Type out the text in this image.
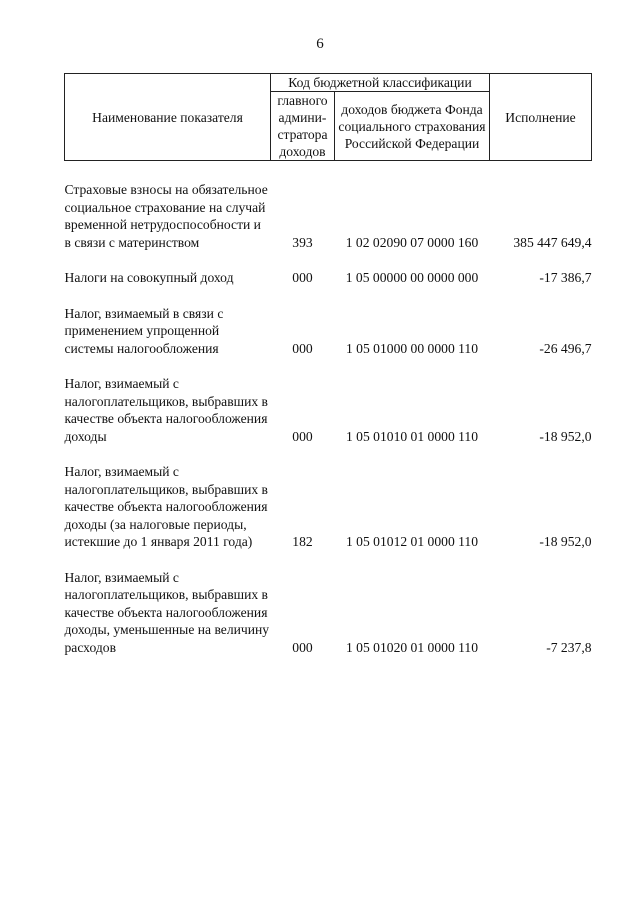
6
Наименование показателя	Код бюджетной классификации		Исполнение
	главного админи-стратора доходов	доходов бюджета Фонда социального страхования Российской Федерации	

Страховые взносы на обязательное социальное страхование на случай временной нетрудоспособности и в связи с материнством	393	1 02 02090 07 0000 160	385 447 649,4

Налоги на совокупный доход	000	1 05 00000 00 0000 000	-17 386,7

Налог, взимаемый в связи с применением упрощенной системы налогообложения	000	1 05 01000 00 0000 110	-26 496,7

Налог, взимаемый с налогоплательщиков, выбравших в качестве объекта налогообложения доходы	000	1 05 01010 01 0000 110	-18 952,0

Налог, взимаемый с налогоплательщиков, выбравших в качестве объекта налогообложения доходы (за налоговые периоды, истекшие до 1 января 2011 года)	182	1 05 01012 01 0000 110	-18 952,0

Налог, взимаемый с налогоплательщиков, выбравших в качестве объекта налогообложения доходы, уменьшенные на величину расходов	000	1 05 01020 01 0000 110	-7 237,8
